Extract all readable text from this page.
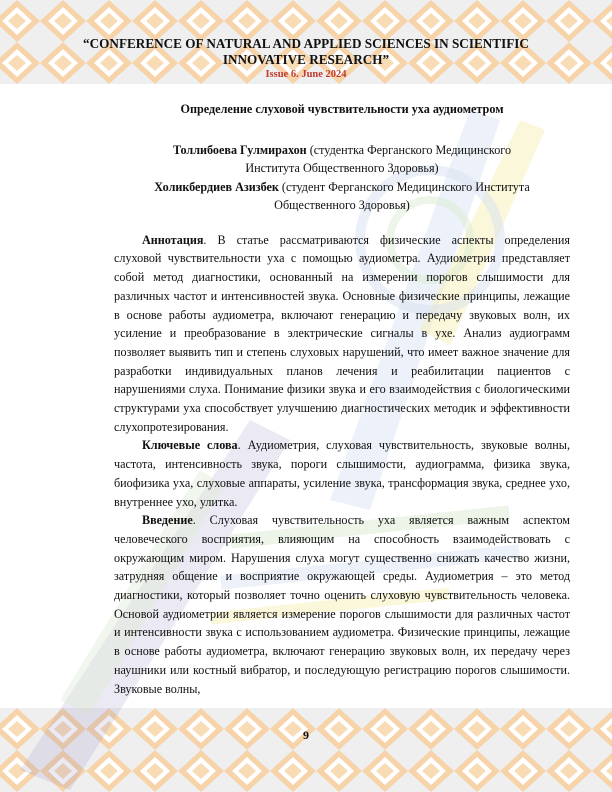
“CONFERENCE OF NATURAL AND APPLIED SCIENCES IN SCIENTIFIC
INNOVATIVE RESEARCH”
Issue 6. June 2024
Определение слуховой чувствительности уха аудиометром

Толлибоева Гулмирахон (студентка Ферганского Медицинского
Института Общественного Здоровья)

Холикбердиев Азизбек (студент Ферганского Медицинского Института
Общественного Здоровья)

Аннотация. В статье рассматриваются физические аспекты определения слуховой чувствительности уха с помощью аудиометра. Аудиометрия представляет собой метод диагностики, основанный на измерении порогов слышимости для различных частот и интенсивностей звука. Основные физические принципы, лежащие в основе работы аудиометра, включают генерацию и передачу звуковых волн, их усиление и преобразование в электрические сигналы в ухе. Анализ аудиограмм позволяет выявить тип и степень слуховых нарушений, что имеет важное значение для разработки индивидуальных планов лечения и реабилитации пациентов с нарушениями слуха. Понимание физики звука и его взаимодействия с биологическими структурами уха способствует улучшению диагностических методик и эффективности слухопротезирования.

Ключевые слова. Аудиометрия, слуховая чувствительность, звуковые волны, частота, интенсивность звука, пороги слышимости, аудиограмма, физика звука, биофизика уха, слуховые аппараты, усиление звука, трансформация звука, среднее ухо, внутреннее ухо, улитка.

Введение. Слуховая чувствительность уха является важным аспектом человеческого восприятия, влияющим на способность взаимодействовать с окружающим миром. Нарушения слуха могут существенно снижать качество жизни, затрудняя общение и восприятие окружающей среды. Аудиометрия – это метод диагностики, который позволяет точно оценить слуховую чувствительность человека. Основой аудиометрии является измерение порогов слышимости для различных частот и интенсивности звука с использованием аудиометра. Физические принципы, лежащие в основе работы аудиометра, включают генерацию звуковых волн, их передачу через наушники или костный вибратор, и последующую регистрацию порогов слышимости. Звуковые волны,

9
